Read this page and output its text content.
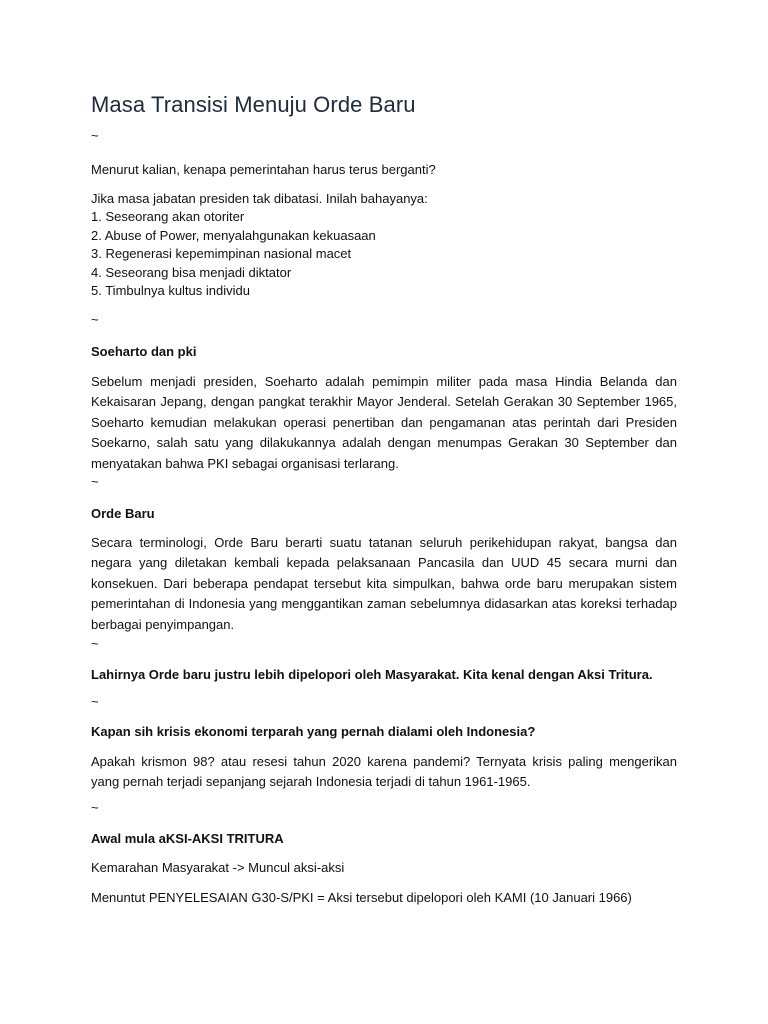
Masa Transisi Menuju Orde Baru

~

Menurut kalian, kenapa pemerintahan harus terus berganti?

Jika masa jabatan presiden tak dibatasi. Inilah bahayanya:

1. Seseorang akan otoriter
2. Abuse of Power, menyalahgunakan kekuasaan
3. Regenerasi kepemimpinan nasional macet
4. Seseorang bisa menjadi diktator
5. Timbulnya kultus individu

~

Soeharto dan pki

Sebelum menjadi presiden, Soeharto adalah pemimpin militer pada masa Hindia Belanda dan Kekaisaran Jepang, dengan pangkat terakhir Mayor Jenderal. Setelah Gerakan 30 September 1965, Soeharto kemudian melakukan operasi penertiban dan pengamanan atas perintah dari Presiden Soekarno, salah satu yang dilakukannya adalah dengan menumpas Gerakan 30 September dan menyatakan bahwa PKI sebagai organisasi terlarang.

~

Orde Baru

Secara terminologi, Orde Baru berarti suatu tatanan seluruh perikehidupan rakyat, bangsa dan negara yang diletakan kembali kepada pelaksanaan Pancasila dan UUD 45 secara murni dan konsekuen. Dari beberapa pendapat tersebut kita simpulkan, bahwa orde baru merupakan sistem pemerintahan di Indonesia yang menggantikan zaman sebelumnya didasarkan atas koreksi terhadap berbagai penyimpangan.

~

Lahirnya Orde baru justru lebih dipelopori oleh Masyarakat. Kita kenal dengan Aksi Tritura.

~

Kapan sih krisis ekonomi terparah yang pernah dialami oleh Indonesia?

Apakah krismon 98? atau resesi tahun 2020 karena pandemi? Ternyata krisis paling mengerikan yang pernah terjadi sepanjang sejarah Indonesia terjadi di tahun 1961-1965.

~

Awal mula aKSI-AKSI TRITURA

Kemarahan Masyarakat -> Muncul aksi-aksi

Menuntut PENYELESAIAN G30-S/PKI = Aksi tersebut dipelopori oleh KAMI (10 Januari 1966)
